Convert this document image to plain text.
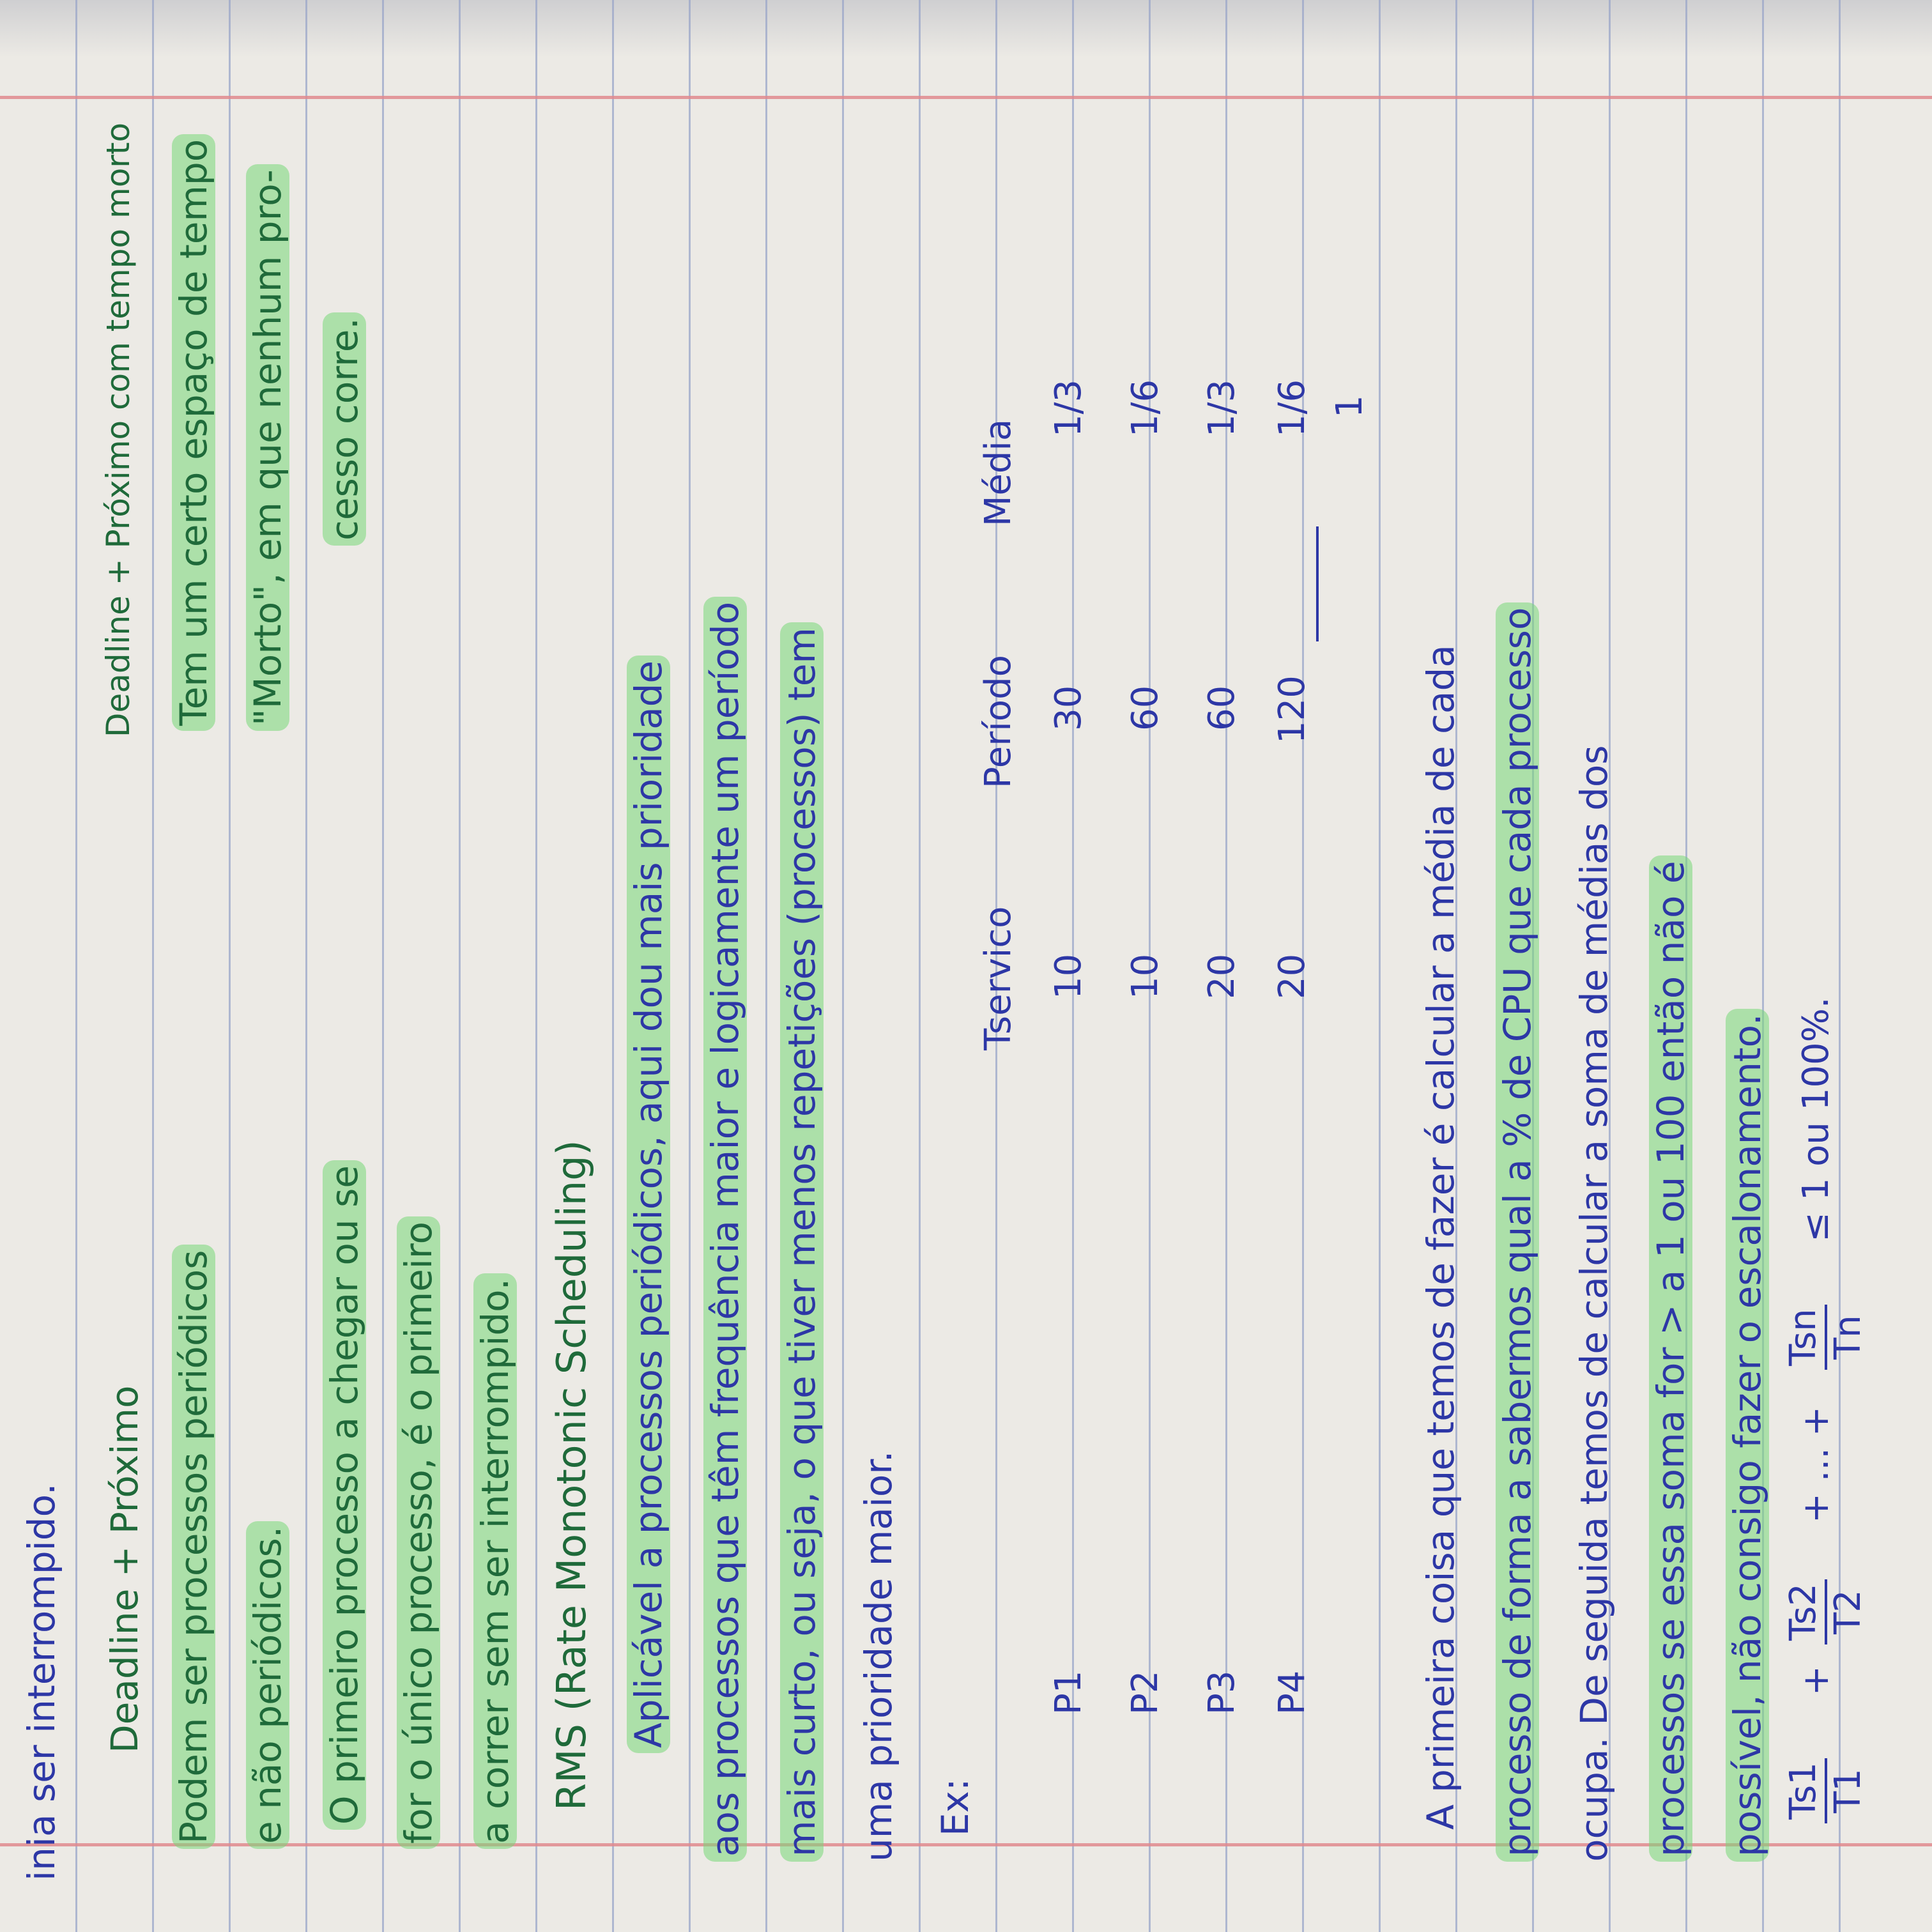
inia ser interrompido. Deadline + Próximo
Deadline + Próximo com tempo morto
Podem ser processos periódicos
Tem um certo espaço de tempo
e não periódicos.
"Morto", em que nenhum pro-
O primeiro processo a chegar ou se
cesso corre.
for o único processo, é o primeiro a correr sem ser interrompido. RMS (Rate Monotonic Scheduling) Aplicável a processos periódicos, aqui dou mais prioridade aos processos que têm frequência maior e logicamente um período mais curto, ou seja, o que tiver menos repetições (processos) tem uma prioridade maior. Ex:
Tservico
Período
Média
P1
10
30
1/3
P2
10
60
1/6
P3
20
60
1/3
P4
20
120
1/6 1
A primeira coisa que temos de fazer é calcular a média de cada processo de forma a sabermos qual a % de CPU que cada processo ocupa. De seguida temos de calcular a soma de médias dos processos se essa soma for > a 1 ou 100 então não é possível, não consigo fazer o escalonamento. Ts1 T1
+
Ts2 T2
+ ... +
Tsn Tn
≤ 1 ou 100%.
